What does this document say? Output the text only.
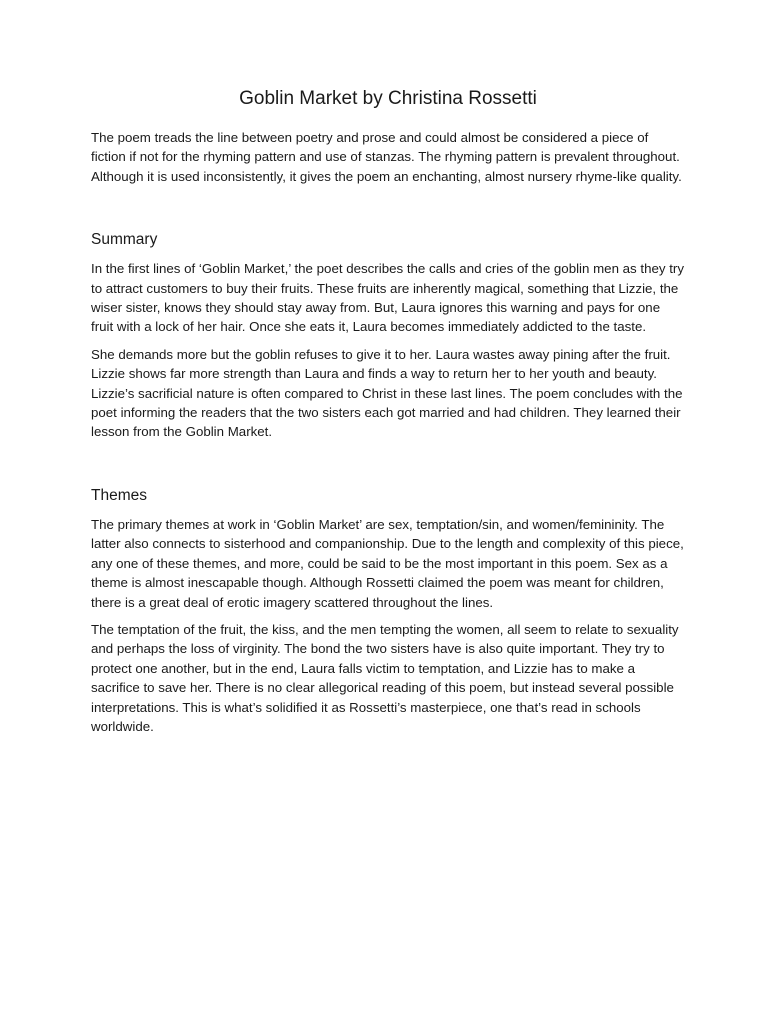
Goblin Market by Christina Rossetti

The poem treads the line between poetry and prose and could almost be considered a piece of fiction if not for the rhyming pattern and use of stanzas. The rhyming pattern is prevalent throughout. Although it is used inconsistently, it gives the poem an enchanting, almost nursery rhyme-like quality.

Summary

In the first lines of ‘Goblin Market,’ the poet describes the calls and cries of the goblin men as they try to attract customers to buy their fruits. These fruits are inherently magical, something that Lizzie, the wiser sister, knows they should stay away from. But, Laura ignores this warning and pays for one fruit with a lock of her hair. Once she eats it, Laura becomes immediately addicted to the taste.

She demands more but the goblin refuses to give it to her. Laura wastes away pining after the fruit. Lizzie shows far more strength than Laura and finds a way to return her to her youth and beauty. Lizzie’s sacrificial nature is often compared to Christ in these last lines. The poem concludes with the poet informing the readers that the two sisters each got married and had children. They learned their lesson from the Goblin Market.

Themes

The primary themes at work in ‘Goblin Market’ are sex, temptation/sin, and women/femininity. The latter also connects to sisterhood and companionship. Due to the length and complexity of this piece, any one of these themes, and more, could be said to be the most important in this poem. Sex as a theme is almost inescapable though. Although Rossetti claimed the poem was meant for children, there is a great deal of erotic imagery scattered throughout the lines.

The temptation of the fruit, the kiss, and the men tempting the women, all seem to relate to sexuality and perhaps the loss of virginity. The bond the two sisters have is also quite important. They try to protect one another, but in the end, Laura falls victim to temptation, and Lizzie has to make a sacrifice to save her. There is no clear allegorical reading of this poem, but instead several possible interpretations. This is what’s solidified it as Rossetti’s masterpiece, one that’s read in schools worldwide.
